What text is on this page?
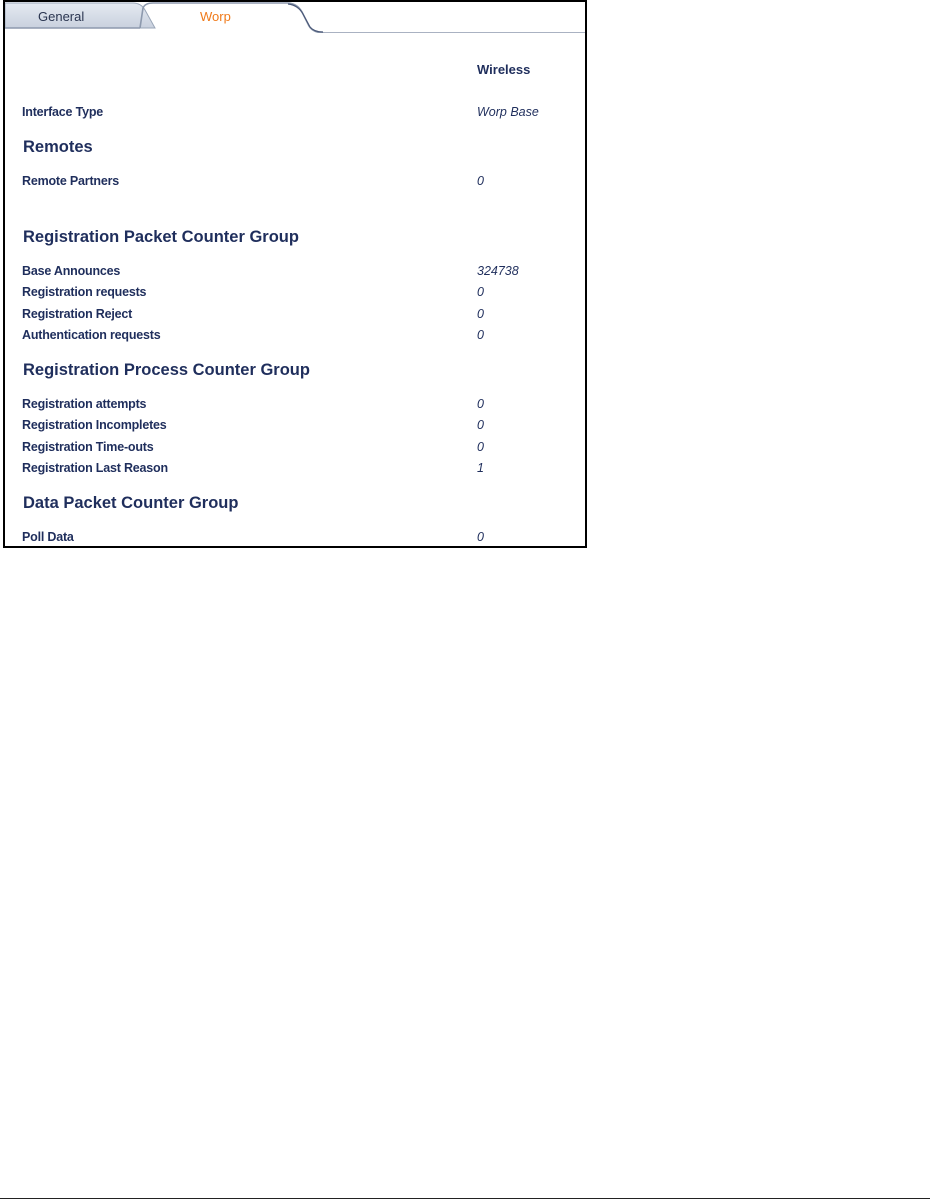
General	Worp
Wireless
Interface Type	Worp Base
Remotes
Remote Partners	0
Registration Packet Counter Group
Base Announces	324738
Registration requests	0
Registration Reject	0
Authentication requests	0
Registration Process Counter Group
Registration attempts	0
Registration Incompletes	0
Registration Time-outs	0
Registration Last Reason	1
Data Packet Counter Group
Poll Data	0
